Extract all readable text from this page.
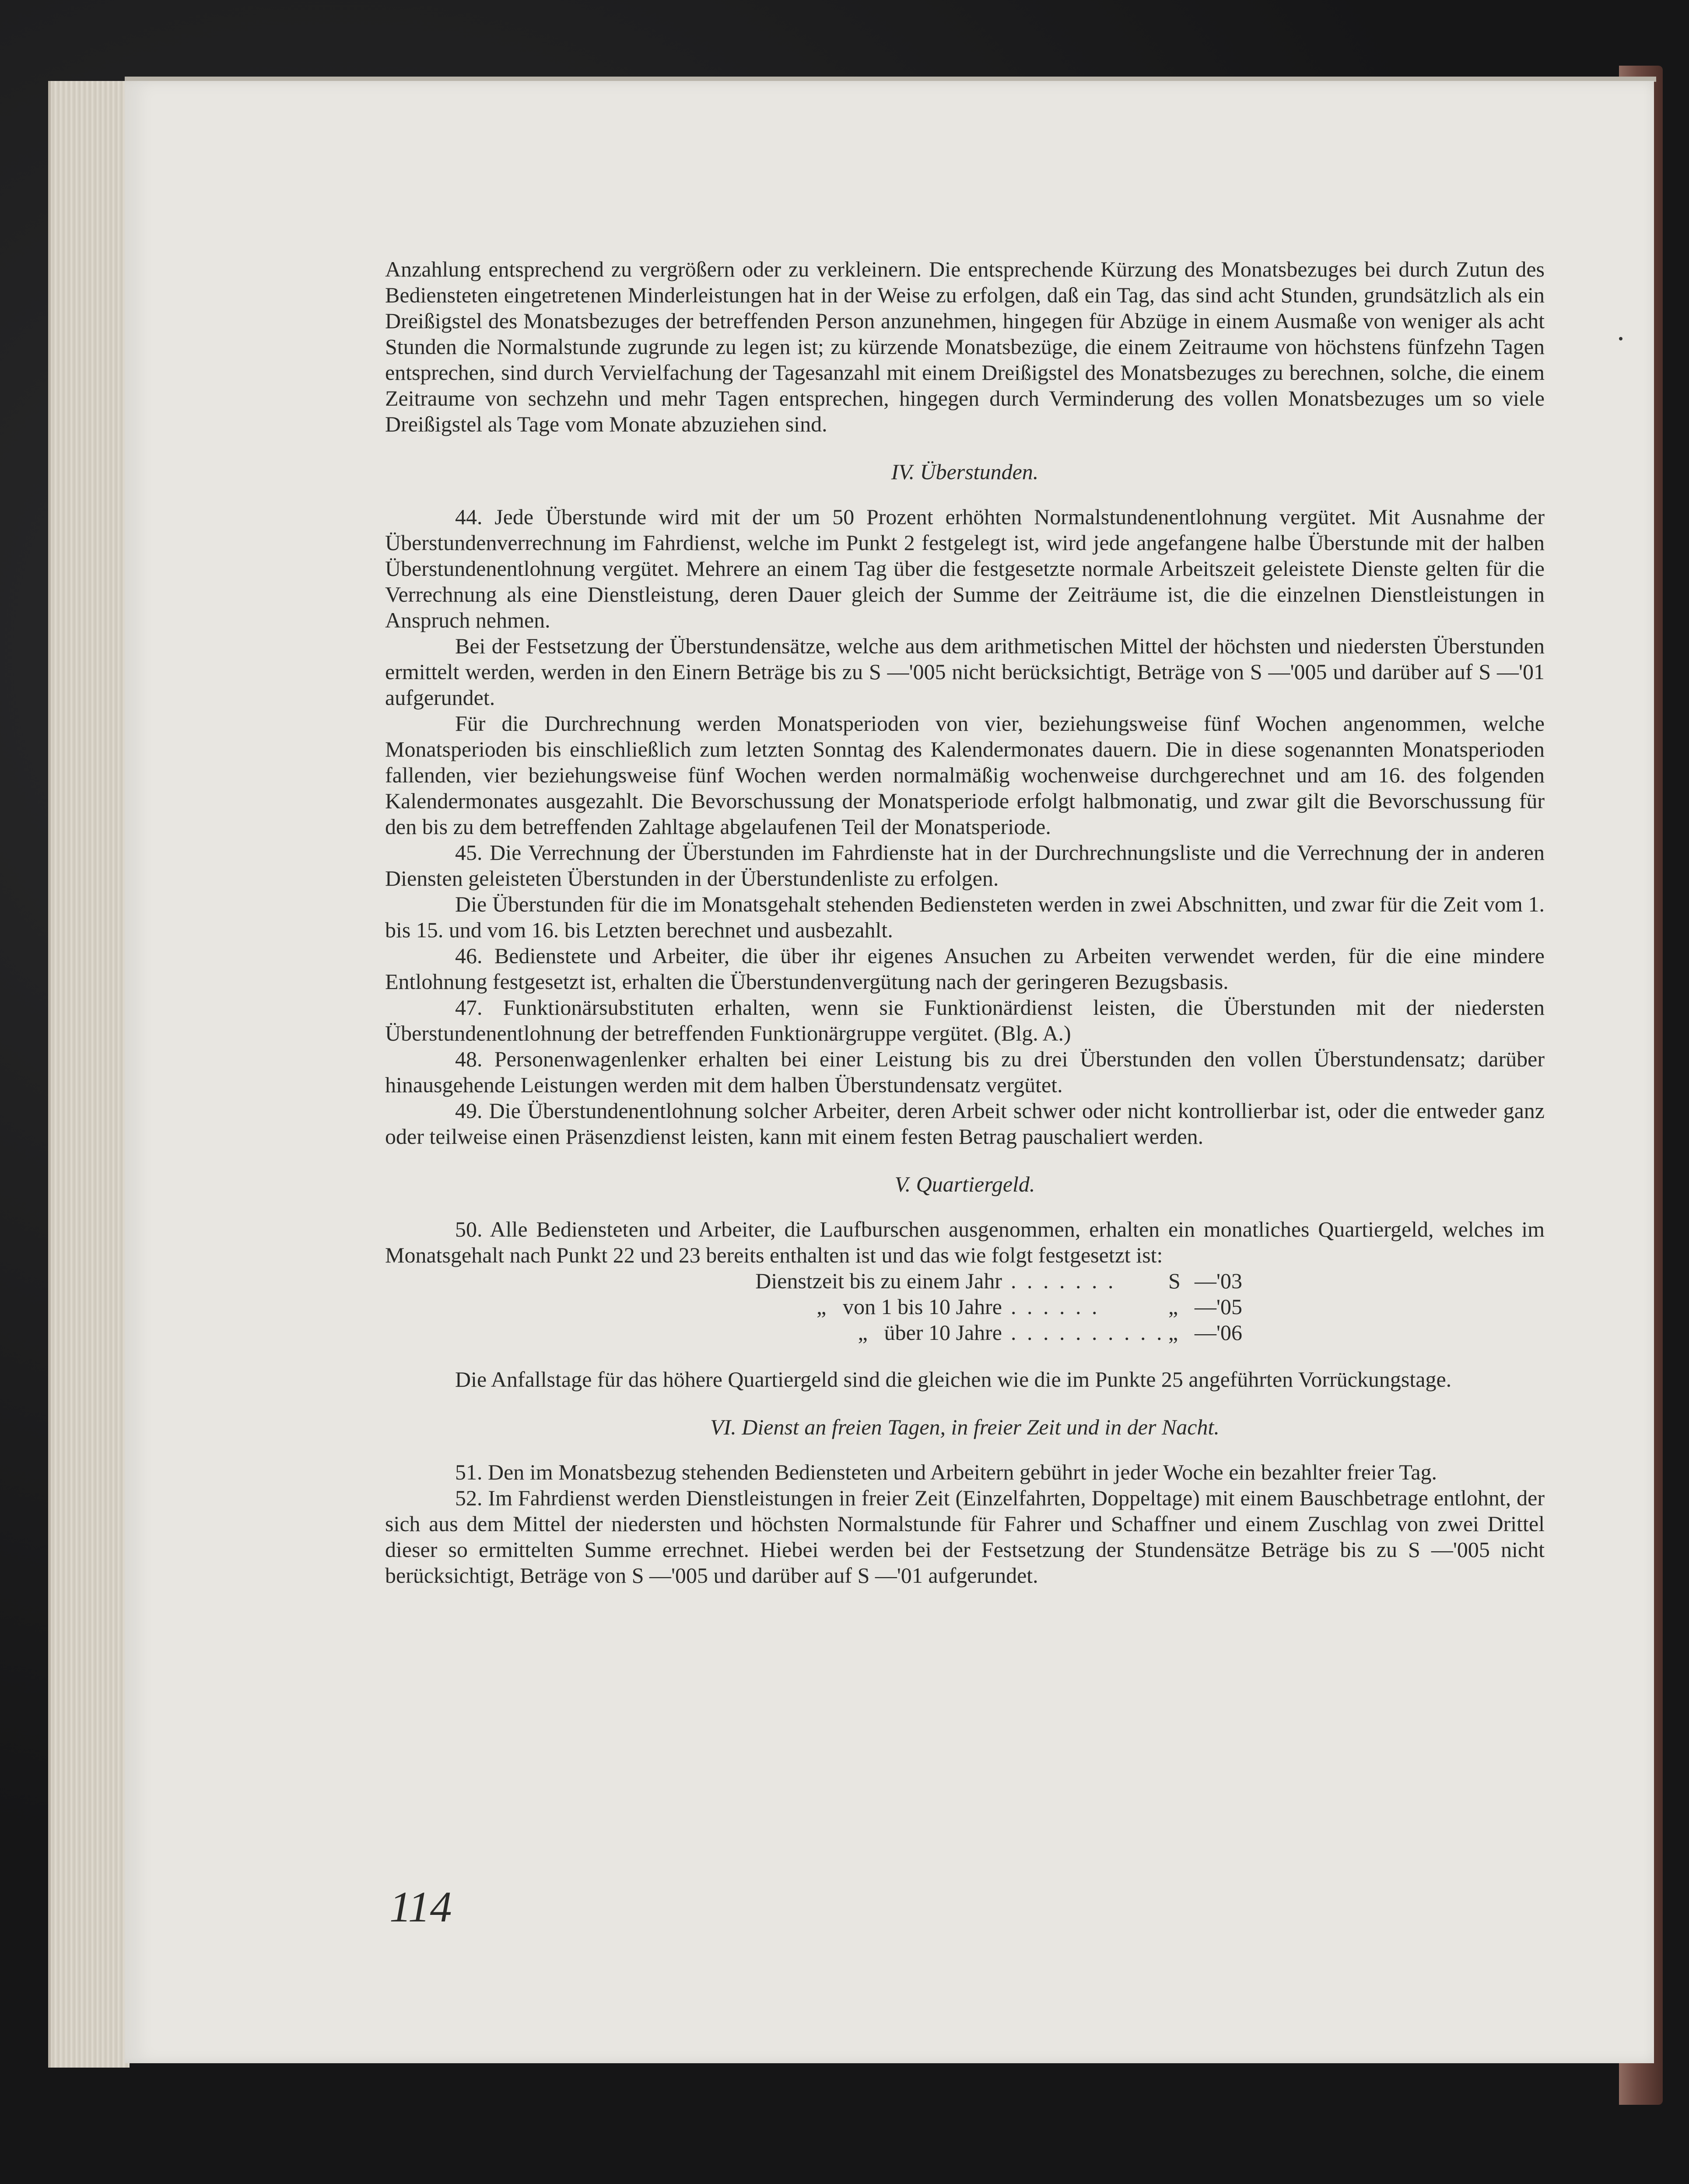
Anzahlung entsprechend zu vergrößern oder zu verkleinern. Die entsprechende Kürzung des Monatsbezuges bei durch Zutun des Bediensteten eingetretenen Minderleistungen hat in der Weise zu erfolgen, daß ein Tag, das sind acht Stunden, grundsätzlich als ein Dreißigstel des Monatsbezuges der betreffenden Person anzunehmen, hingegen für Abzüge in einem Ausmaße von weniger als acht Stunden die Normalstunde zugrunde zu legen ist; zu kürzende Monatsbezüge, die einem Zeitraume von höchstens fünfzehn Tagen entsprechen, sind durch Vervielfachung der Tagesanzahl mit einem Dreißigstel des Monatsbezuges zu berechnen, solche, die einem Zeitraume von sechzehn und mehr Tagen entsprechen, hingegen durch Verminderung des vollen Monatsbezuges um so viele Dreißigstel als Tage vom Monate abzuziehen sind.

IV. Überstunden.

44. Jede Überstunde wird mit der um 50 Prozent erhöhten Normalstundenentlohnung vergütet. Mit Ausnahme der Überstundenverrechnung im Fahrdienst, welche im Punkt 2 festgelegt ist, wird jede angefangene halbe Überstunde mit der halben Überstundenentlohnung vergütet. Mehrere an einem Tag über die festgesetzte normale Arbeitszeit geleistete Dienste gelten für die Verrechnung als eine Dienstleistung, deren Dauer gleich der Summe der Zeiträume ist, die die einzelnen Dienstleistungen in Anspruch nehmen.

Bei der Festsetzung der Überstundensätze, welche aus dem arithmetischen Mittel der höchsten und niedersten Überstunden ermittelt werden, werden in den Einern Beträge bis zu S —'005 nicht berücksichtigt, Beträge von S —'005 und darüber auf S —'01 aufgerundet.

Für die Durchrechnung werden Monatsperioden von vier, beziehungsweise fünf Wochen angenommen, welche Monatsperioden bis einschließlich zum letzten Sonntag des Kalendermonates dauern. Die in diese sogenannten Monatsperioden fallenden, vier beziehungsweise fünf Wochen werden normalmäßig wochenweise durchgerechnet und am 16. des folgenden Kalendermonates ausgezahlt. Die Bevorschussung der Monatsperiode erfolgt halbmonatig, und zwar gilt die Bevorschussung für den bis zu dem betreffenden Zahltage abgelaufenen Teil der Monatsperiode.

45. Die Verrechnung der Überstunden im Fahrdienste hat in der Durchrechnungsliste und die Verrechnung der in anderen Diensten geleisteten Überstunden in der Überstundenliste zu erfolgen.

Die Überstunden für die im Monatsgehalt stehenden Bediensteten werden in zwei Abschnitten, und zwar für die Zeit vom 1. bis 15. und vom 16. bis Letzten berechnet und ausbezahlt.

46. Bedienstete und Arbeiter, die über ihr eigenes Ansuchen zu Arbeiten verwendet werden, für die eine mindere Entlohnung festgesetzt ist, erhalten die Überstundenvergütung nach der geringeren Bezugsbasis.

47. Funktionärsubstituten erhalten, wenn sie Funktionärdienst leisten, die Überstunden mit der niedersten Überstundenentlohnung der betreffenden Funktionärgruppe vergütet. (Blg. A.)

48. Personenwagenlenker erhalten bei einer Leistung bis zu drei Überstunden den vollen Überstundensatz; darüber hinausgehende Leistungen werden mit dem halben Überstundensatz vergütet.

49. Die Überstundenentlohnung solcher Arbeiter, deren Arbeit schwer oder nicht kontrollierbar ist, oder die entweder ganz oder teilweise einen Präsenzdienst leisten, kann mit einem festen Betrag pauschaliert werden.

V. Quartiergeld.

50. Alle Bediensteten und Arbeiter, die Laufburschen ausgenommen, erhalten ein monatliches Quartiergeld, welches im Monatsgehalt nach Punkt 22 und 23 bereits enthalten ist und das wie folgt festgesetzt ist:

Dienstzeit bis zu einem Jahr . . . . . . .	S —'03
„ von 1 bis 10 Jahre . . . . . .	„ —'05
„ über 10 Jahre . . . . . . . . . . „ —'06

Die Anfallstage für das höhere Quartiergeld sind die gleichen wie die im Punkte 25 angeführten Vorrückungstage.

VI. Dienst an freien Tagen, in freier Zeit und in der Nacht.

51. Den im Monatsbezug stehenden Bediensteten und Arbeitern gebührt in jeder Woche ein bezahlter freier Tag.

52. Im Fahrdienst werden Dienstleistungen in freier Zeit (Einzelfahrten, Doppeltage) mit einem Bauschbetrage entlohnt, der sich aus dem Mittel der niedersten und höchsten Normalstunde für Fahrer und Schaffner und einem Zuschlag von zwei Drittel dieser so ermittelten Summe errechnet. Hiebei werden bei der Festsetzung der Stundensätze Beträge bis zu S —'005 nicht berücksichtigt, Beträge von S —'005 und darüber auf S —'01 aufgerundet.

114
